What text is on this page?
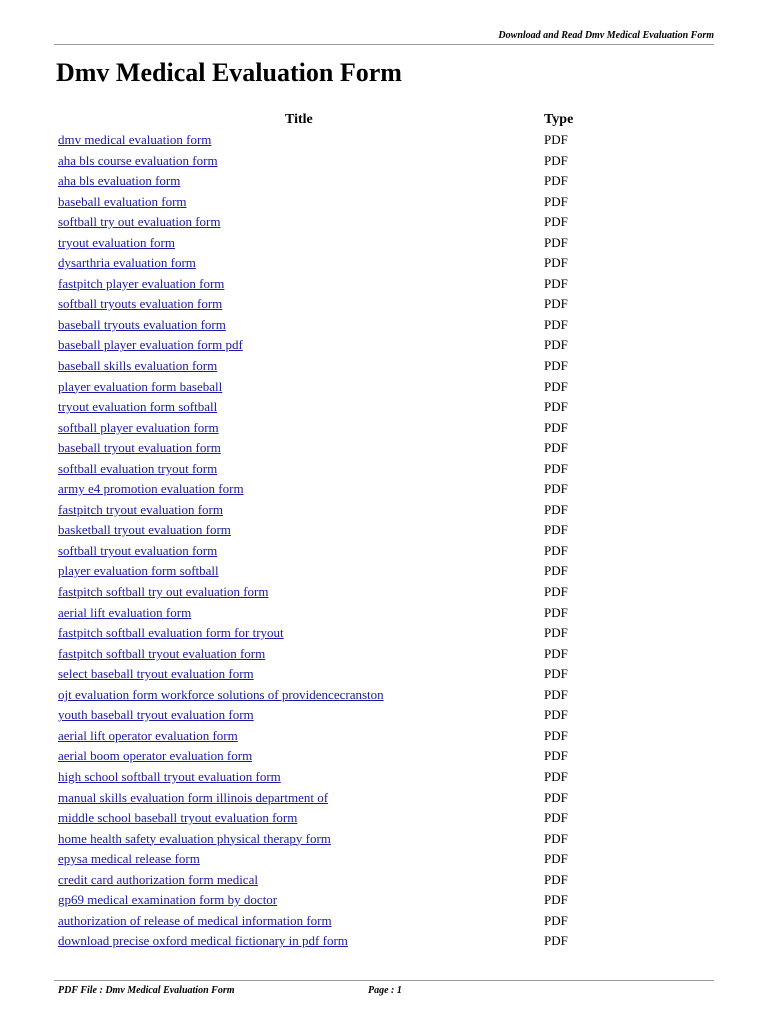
Download and Read Dmv Medical Evaluation Form
Dmv Medical Evaluation Form
Title	Type
dmv medical evaluation form	PDF
aha bls course evaluation form	PDF
aha bls evaluation form	PDF
baseball evaluation form	PDF
softball try out evaluation form	PDF
tryout evaluation form	PDF
dysarthria evaluation form	PDF
fastpitch player evaluation form	PDF
softball tryouts evaluation form	PDF
baseball tryouts evaluation form	PDF
baseball player evaluation form pdf	PDF
baseball skills evaluation form	PDF
player evaluation form baseball	PDF
tryout evaluation form softball	PDF
softball player evaluation form	PDF
baseball tryout evaluation form	PDF
softball evaluation tryout form	PDF
army e4 promotion evaluation form	PDF
fastpitch tryout evaluation form	PDF
basketball tryout evaluation form	PDF
softball tryout evaluation form	PDF
player evaluation form softball	PDF
fastpitch softball try out evaluation form	PDF
aerial lift evaluation form	PDF
fastpitch softball evaluation form for tryout	PDF
fastpitch softball tryout evaluation form	PDF
select baseball tryout evaluation form	PDF
ojt evaluation form workforce solutions of providencecranston	PDF
youth baseball tryout evaluation form	PDF
aerial lift operator evaluation form	PDF
aerial boom operator evaluation form	PDF
high school softball tryout evaluation form	PDF
manual skills evaluation form illinois department of	PDF
middle school baseball tryout evaluation form	PDF
home health safety evaluation physical therapy form	PDF
epysa medical release form	PDF
credit card authorization form medical	PDF
gp69 medical examination form by doctor	PDF
authorization of release of medical information form	PDF
download precise oxford medical fictionary in pdf form	PDF
PDF File : Dmv Medical Evaluation Form	Page : 1
